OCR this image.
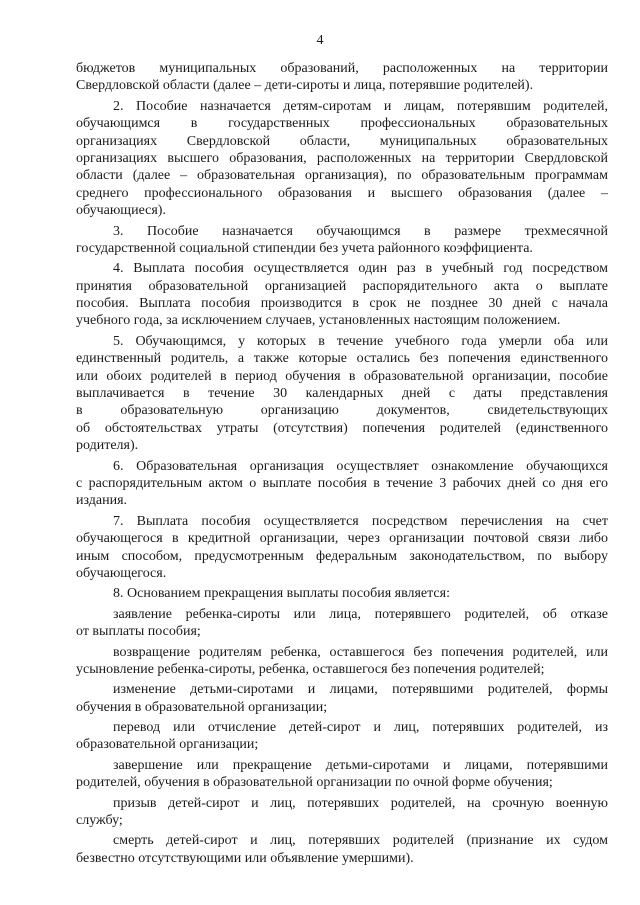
4
бюджетов муниципальных образований, расположенных на территории
Свердловской области (далее – дети-сироты и лица, потерявшие родителей).
2. Пособие назначается детям-сиротам и лицам, потерявшим родителей,
обучающимся в государственных профессиональных образовательных
организациях Свердловской области, муниципальных образовательных
организациях высшего образования, расположенных на территории Свердловской
области (далее – образовательная организация), по образовательным программам
среднего профессионального образования и высшего образования (далее –
обучающиеся).
3. Пособие назначается обучающимся в размере трехмесячной
государственной социальной стипендии без учета районного коэффициента.
4. Выплата пособия осуществляется один раз в учебный год посредством
принятия образовательной организацией распорядительного акта о выплате
пособия. Выплата пособия производится в срок не позднее 30 дней с начала
учебного года, за исключением случаев, установленных настоящим положением.
5. Обучающимся, у которых в течение учебного года умерли оба или
единственный родитель, а также которые остались без попечения единственного
или обоих родителей в период обучения в образовательной организации, пособие
выплачивается в течение 30 календарных дней с даты представления
в образовательную организацию документов, свидетельствующих
об обстоятельствах утраты (отсутствия) попечения родителей (единственного
родителя).
6. Образовательная организация осуществляет ознакомление обучающихся
с распорядительным актом о выплате пособия в течение 3 рабочих дней со дня его
издания.
7. Выплата пособия осуществляется посредством перечисления на счет
обучающегося в кредитной организации, через организации почтовой связи либо
иным способом, предусмотренным федеральным законодательством, по выбору
обучающегося.
8. Основанием прекращения выплаты пособия является:
заявление ребенка-сироты или лица, потерявшего родителей, об отказе
от выплаты пособия;
возвращение родителям ребенка, оставшегося без попечения родителей, или
усыновление ребенка-сироты, ребенка, оставшегося без попечения родителей;
изменение детьми-сиротами и лицами, потерявшими родителей, формы
обучения в образовательной организации;
перевод или отчисление детей-сирот и лиц, потерявших родителей, из
образовательной организации;
завершение или прекращение детьми-сиротами и лицами, потерявшими
родителей, обучения в образовательной организации по очной форме обучения;
призыв детей-сирот и лиц, потерявших родителей, на срочную военную
службу;
смерть детей-сирот и лиц, потерявших родителей (признание их судом
безвестно отсутствующими или объявление умершими).
